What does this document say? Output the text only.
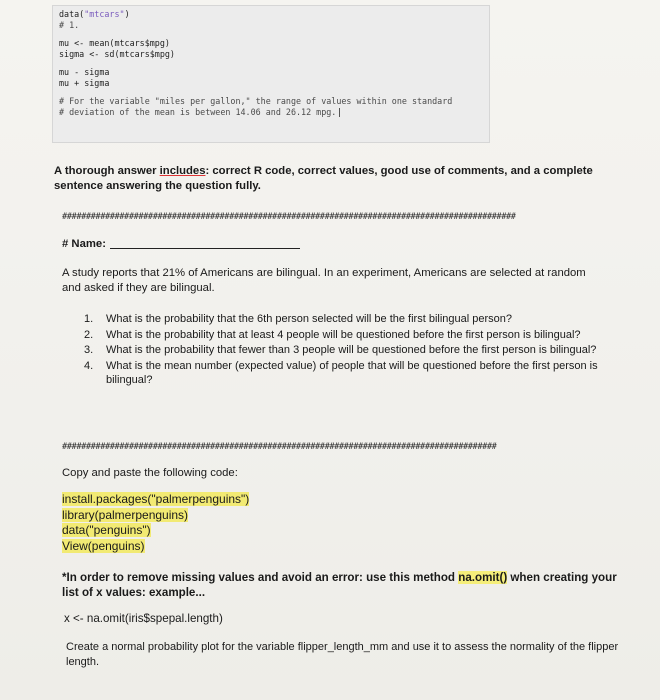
data("mtcars")
# 1.
mu <- mean(mtcars$mpg)
sigma <- sd(mtcars$mpg)
mu - sigma
mu + sigma
# For the variable "miles per gallon," the range of values within one standard
# deviation of the mean is between 14.06 and 26.12 mpg.
A thorough answer includes: correct R code, correct values, good use of comments, and a complete sentence answering the question fully.
###############################################################################################
# Name:
A study reports that 21% of Americans are bilingual. In an experiment, Americans are selected at random and asked if they are bilingual.
1. What is the probability that the 6th person selected will be the first bilingual person?
2. What is the probability that at least 4 people will be questioned before the first person is bilingual?
3. What is the probability that fewer than 3 people will be questioned before the first person is bilingual?
4. What is the mean number (expected value) of people that will be questioned before the first person is bilingual?
###########################################################################################
Copy and paste the following code:
install.packages("palmerpenguins")
library(palmerpenguins)
data("penguins")
View(penguins)
*In order to remove missing values and avoid an error: use this method na.omit() when creating your list of x values: example...
x <- na.omit(iris$spepal.length)
Create a normal probability plot for the variable flipper_length_mm and use it to assess the normality of the flipper length.
